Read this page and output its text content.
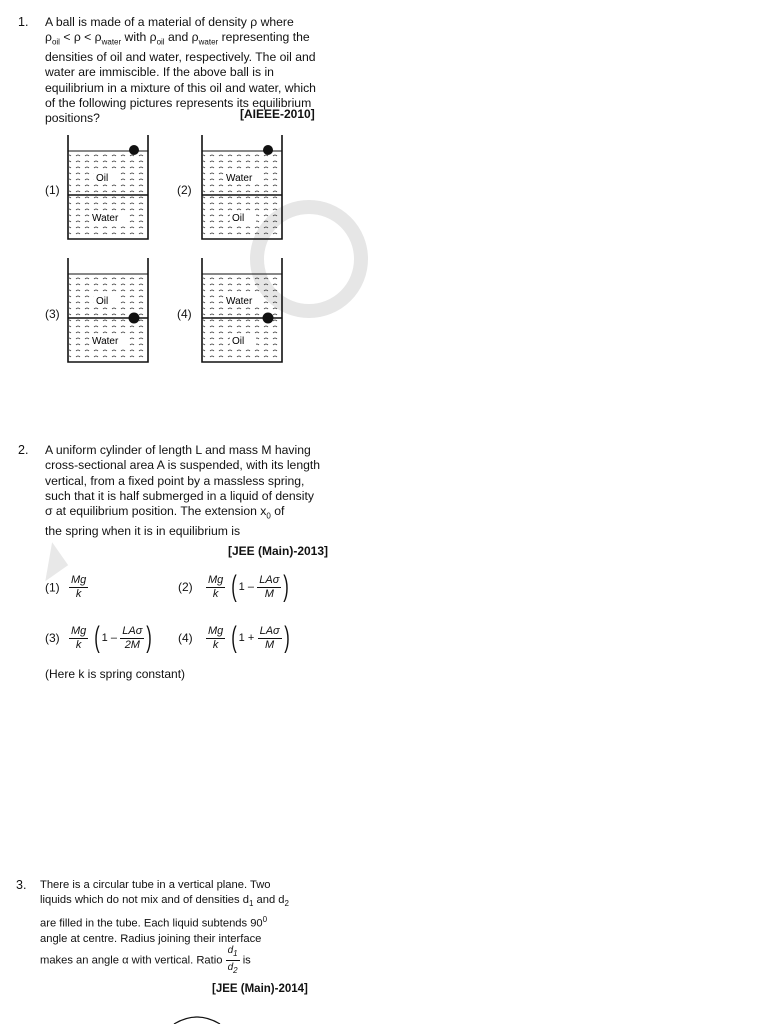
◢
1. A ball is made of a material of density ρ where
$\rho_{oil} < \rho < \rho_{water}$ with $\rho_{oil}$ and $\rho_{water}$ representing the
densities of oil and water, respectively. The oil and
water are immiscible. If the above ball is in
equilibrium in a mixture of this oil and water, which
of the following pictures represents its equilibrium
positions?	[AIEEE-2010]
(1)	(2)
(3)	(4)
Oil
Water
Water
Oil
Oil
Water
Water
Oil
2. A uniform cylinder of length L and mass M having
cross-sectional area A is suspended, with its length
vertical, from a fixed point by a massless spring,
such that it is half submerged in a liquid of density
σ at equilibrium position. The extension $x_0$ of
the spring when it is in equilibrium is
[JEE (Main)-2013]
$(1) \frac{Mg}{k}$	$(2) \frac{Mg}{k}$ ( $1 - \frac{\text{LAσ}}{M}$ )
$(3) \frac{Mg}{k}$ ( $1 - \frac{\text{LAσ}}{2M}$ ) $(4) \frac{Mg}{k}$ ( $1 + \frac{\text{LAσ}}{M}$ )
(Here k is spring constant)
3. There is a circular tube in a vertical plane. Two
liquids which do not mix and of densities $d_1$ and $d_2$
are filled in the tube. Each liquid subtends $90^0$
angle at centre. Radius joining their interface
makes an angle α with vertical. Ratio $\frac{d_1}{d_2}$ is
[JEE (Main)-2014]
